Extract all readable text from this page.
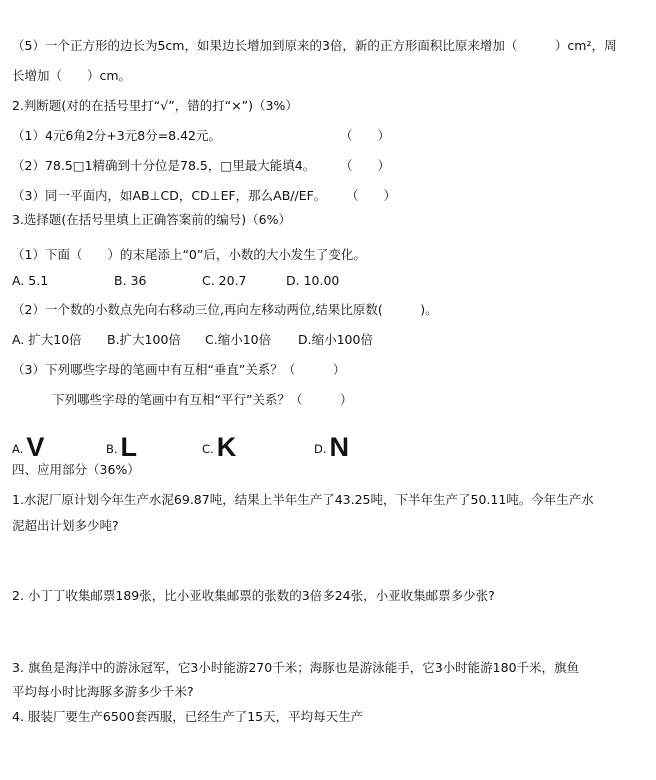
（5）一个正方形的边长为5cm，如果边长增加到原来的3倍，新的正方形面积比原来增加（　　　）cm²，周
长增加（　　）cm。
2.判断题(对的在括号里打“√”，错的打“×”)（3%）
（1）4元6角2分+3元8分=8.42元。	（　　）
（2）78.5□1精确到十分位是78.5，□里最大能填4。 （　　）
（3）同一平面内，如AB⊥CD，CD⊥EF，那么AB//EF。 （　　）
3.选择题(在括号里填上正确答案前的编号)（6%）
（1）下面（　　）的末尾添上“0”后，小数的大小发生了变化。
A. 5.1	B. 36	C. 20.7	D. 10.00
（2）一个数的小数点先向右移动三位,再向左移动两位,结果比原数(　　　)。
A. 扩大10倍 B.扩大100倍 C.缩小10倍 D.缩小100倍
（3）下列哪些字母的笔画中有互相“垂直”关系？（　　　）
下列哪些字母的笔画中有互相“平行”关系？（　　　）
A. V	B. L	C. K	D. N
四、应用部分（36%）
1.水泥厂原计划今年生产水泥69.87吨，结果上半年生产了43.25吨，下半年生产了50.11吨。今年生产水
泥超出计划多少吨?
2. 小丁丁收集邮票189张，比小亚收集邮票的张数的3倍多24张，小亚收集邮票多少张?
3. 旗鱼是海洋中的游泳冠军，它3小时能游270千米；海豚也是游泳能手，它3小时能游180千米，旗鱼
平均每小时比海豚多游多少千米?
4. 服装厂要生产6500套西服，已经生产了15天，平均每天生产
